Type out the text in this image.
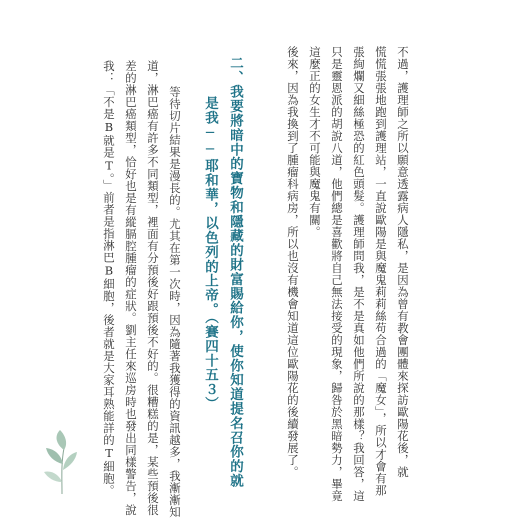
不過，護理師之所以願意透露病人隱私，是因為曾有教會團體來探訪歐陽花後，就
慌慌張張地跑到護理站，一直說歐陽是與魔鬼莉莉絲苟合過的「魔女」，所以才會有那
張絢爛又細絲極恐的紅色頭髮。護理師問我，是不是真如他們所說的那樣？我回答，這
只是靈恩派的胡說八道，他們總是喜歡將自己無法接受的現象，歸咎於黑暗勢力，畢竟
這麼正的女生才不可能與魔鬼有關。
後來，因為我換到了腫瘤科病房，所以也沒有機會知道這位歐陽花的後續發展了。
二、我要將暗中的寶物和隱藏的財富賜給你，使你知道提名召你的就
是我──耶和華，以色列的上帝。（賽四十五３）
等待切片結果是漫長的。尤其在第一次時，因為隨著我獲得的資訊越多，我漸漸知
道，淋巴癌有許多不同類型，裡面有分預後好跟預後不好的。很糟糕的是，某些預後很
差的淋巴癌類型，恰好也是有縱膈腔腫瘤的症狀。劉主任來巡房時也發出同樣警告，說
我：「不是B就是T。」前者是指淋巴B細胞，後者就是大家耳熟能詳的T細胞。
